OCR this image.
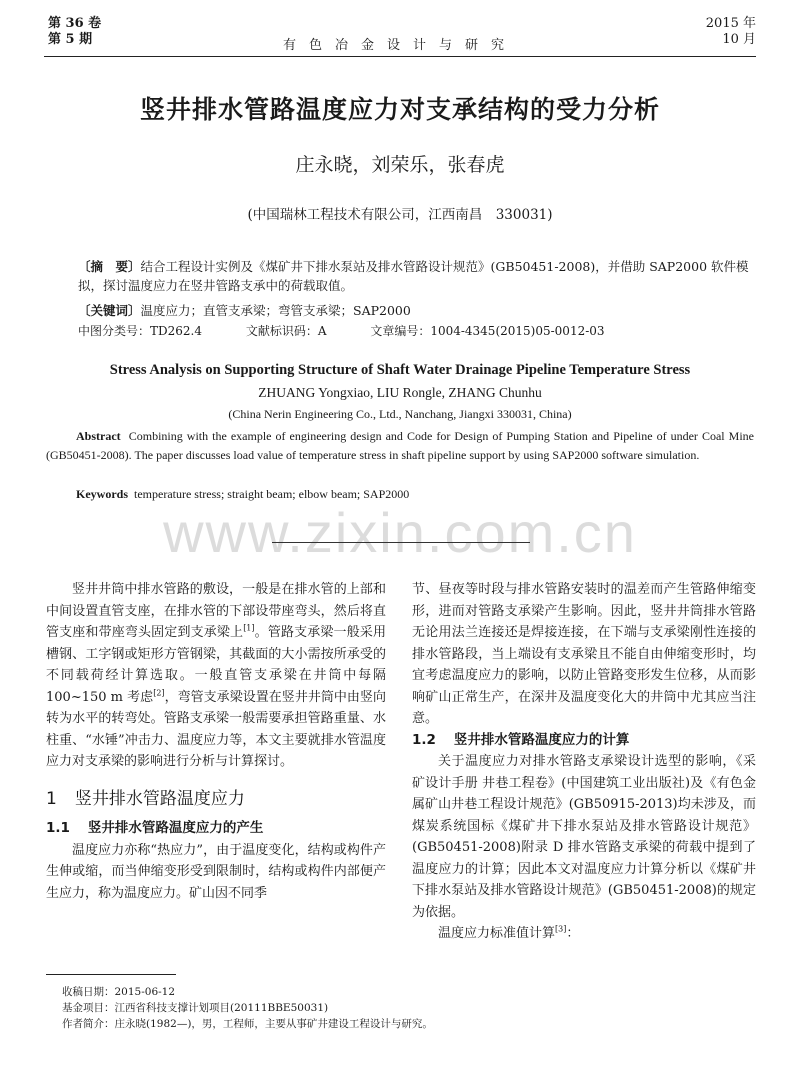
第 36 卷
第 5 期	有色冶金设计与研究
2015 年
10 月
竖井排水管路温度应力对支承结构的受力分析
庄永晓，刘荣乐，张春虎
(中国瑞林工程技术有限公司，江西南昌　330031)
〔摘　要〕结合工程设计实例及《煤矿井下排水泵站及排水管路设计规范》(GB50451-2008)，并借助 SAP2000 软件模拟，探讨温度应力在竖井管路支承中的荷载取值。
〔关键词〕温度应力；直管支承梁；弯管支承梁；SAP2000
中图分类号：TD262.4	文献标识码：A	文章编号：1004-4345(2015)05-0012-03
Stress Analysis on Supporting Structure of Shaft Water Drainage Pipeline Temperature Stress
ZHUANG Yongxiao, LIU Rongle, ZHANG Chunhu
(China Nerin Engineering Co., Ltd., Nanchang, Jiangxi 330031, China)
Abstract Combining with the example of engineering design and Code for Design of Pumping Station and Pipeline of under Coal Mine (GB50451-2008). The paper discusses load value of temperature stress in shaft pipeline support by using SAP2000 software simulation.
Keywords temperature stress; straight beam; elbow beam; SAP2000
www.zixin.com.cn

竖井井筒中排水管路的敷设，一般是在排水管的上部和中间设置直管支座，在排水管的下部设带座弯头，然后将直管支座和带座弯头固定到支承梁上[1]。管路支承梁一般采用槽钢、工字钢或矩形方管钢梁，其截面的大小需按所承受的不同载荷经计算选取。一般直管支承梁在井筒中每隔 100~150 m 考虑[2]，弯管支承梁设置在竖井井筒中由竖向转为水平的转弯处。管路支承梁一般需要承担管路重量、水柱重、“水锤”冲击力、温度应力等，本文主要就排水管温度应力对支承梁的影响进行分析与计算探讨。

1 竖井排水管路温度应力
1.1 竖井排水管路温度应力的产生

温度应力亦称“热应力”，由于温度变化，结构或构件产生伸或缩，而当伸缩变形受到限制时，结构或构件内部便产生应力，称为温度应力。矿山因不同季

节、昼夜等时段与排水管路安装时的温差而产生管路伸缩变形，进而对管路支承梁产生影响。因此，竖井井筒排水管路无论用法兰连接还是焊接连接，在下端与支承梁刚性连接的排水管路段，当上端设有支承梁且不能自由伸缩变形时，均宜考虑温度应力的影响，以防止管路变形发生位移，从而影响矿山正常生产，在深井及温度变化大的井筒中尤其应当注意。

1.2 竖井排水管路温度应力的计算

关于温度应力对排水管路支承梁设计选型的影响，《采矿设计手册 井巷工程卷》(中国建筑工业出版社)及《有色金属矿山井巷工程设计规范》(GB50915-2013)均未涉及，而煤炭系统国标《煤矿井下排水泵站及排水管路设计规范》(GB50451-2008)附录 D 排水管路支承梁的荷载中提到了温度应力的计算；因此本文对温度应力计算分析以《煤矿井下排水泵站及排水管路设计规范》(GB50451-2008)的规定为依据。

温度应力标准值计算[3]：

收稿日期：2015-06-12
基金项目：江西省科技支撑计划项目(20111BBE50031)
作者简介：庄永晓(1982—)，男，工程师，主要从事矿井建设工程设计与研究。
